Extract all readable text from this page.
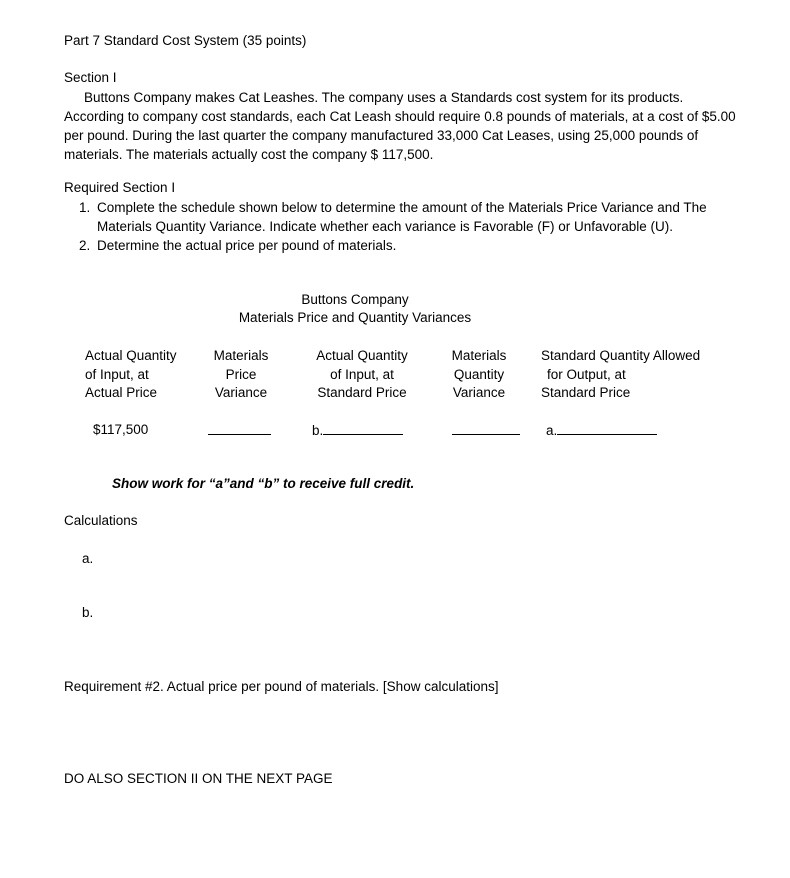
Part 7 Standard Cost System (35 points)
Section I
Buttons Company makes Cat Leashes. The company uses a Standards cost system for its products. According to company cost standards, each Cat Leash should require 0.8 pounds of materials, at a cost of $5.00 per pound. During the last quarter the company manufactured 33,000 Cat Leases, using 25,000 pounds of materials. The materials actually cost the company $ 117,500.
Required Section I
1. Complete the schedule shown below to determine the amount of the Materials Price Variance and The Materials Quantity Variance. Indicate whether each variance is Favorable (F) or Unfavorable (U).
2. Determine the actual price per pound of materials.
Buttons Company
Materials Price and Quantity Variances
Actual Quantity
of Input, at
Actual Price
Materials
Price
Variance
Actual Quantity
of Input, at
Standard Price
Materials
Quantity
Variance
Standard Quantity Allowed
for Output, at
Standard Price
$117,500	b.	a.
Show work for “a”and “b” to receive full credit.
Calculations
a.
b.
Requirement #2. Actual price per pound of materials. [Show calculations]
DO ALSO SECTION II ON THE NEXT PAGE
